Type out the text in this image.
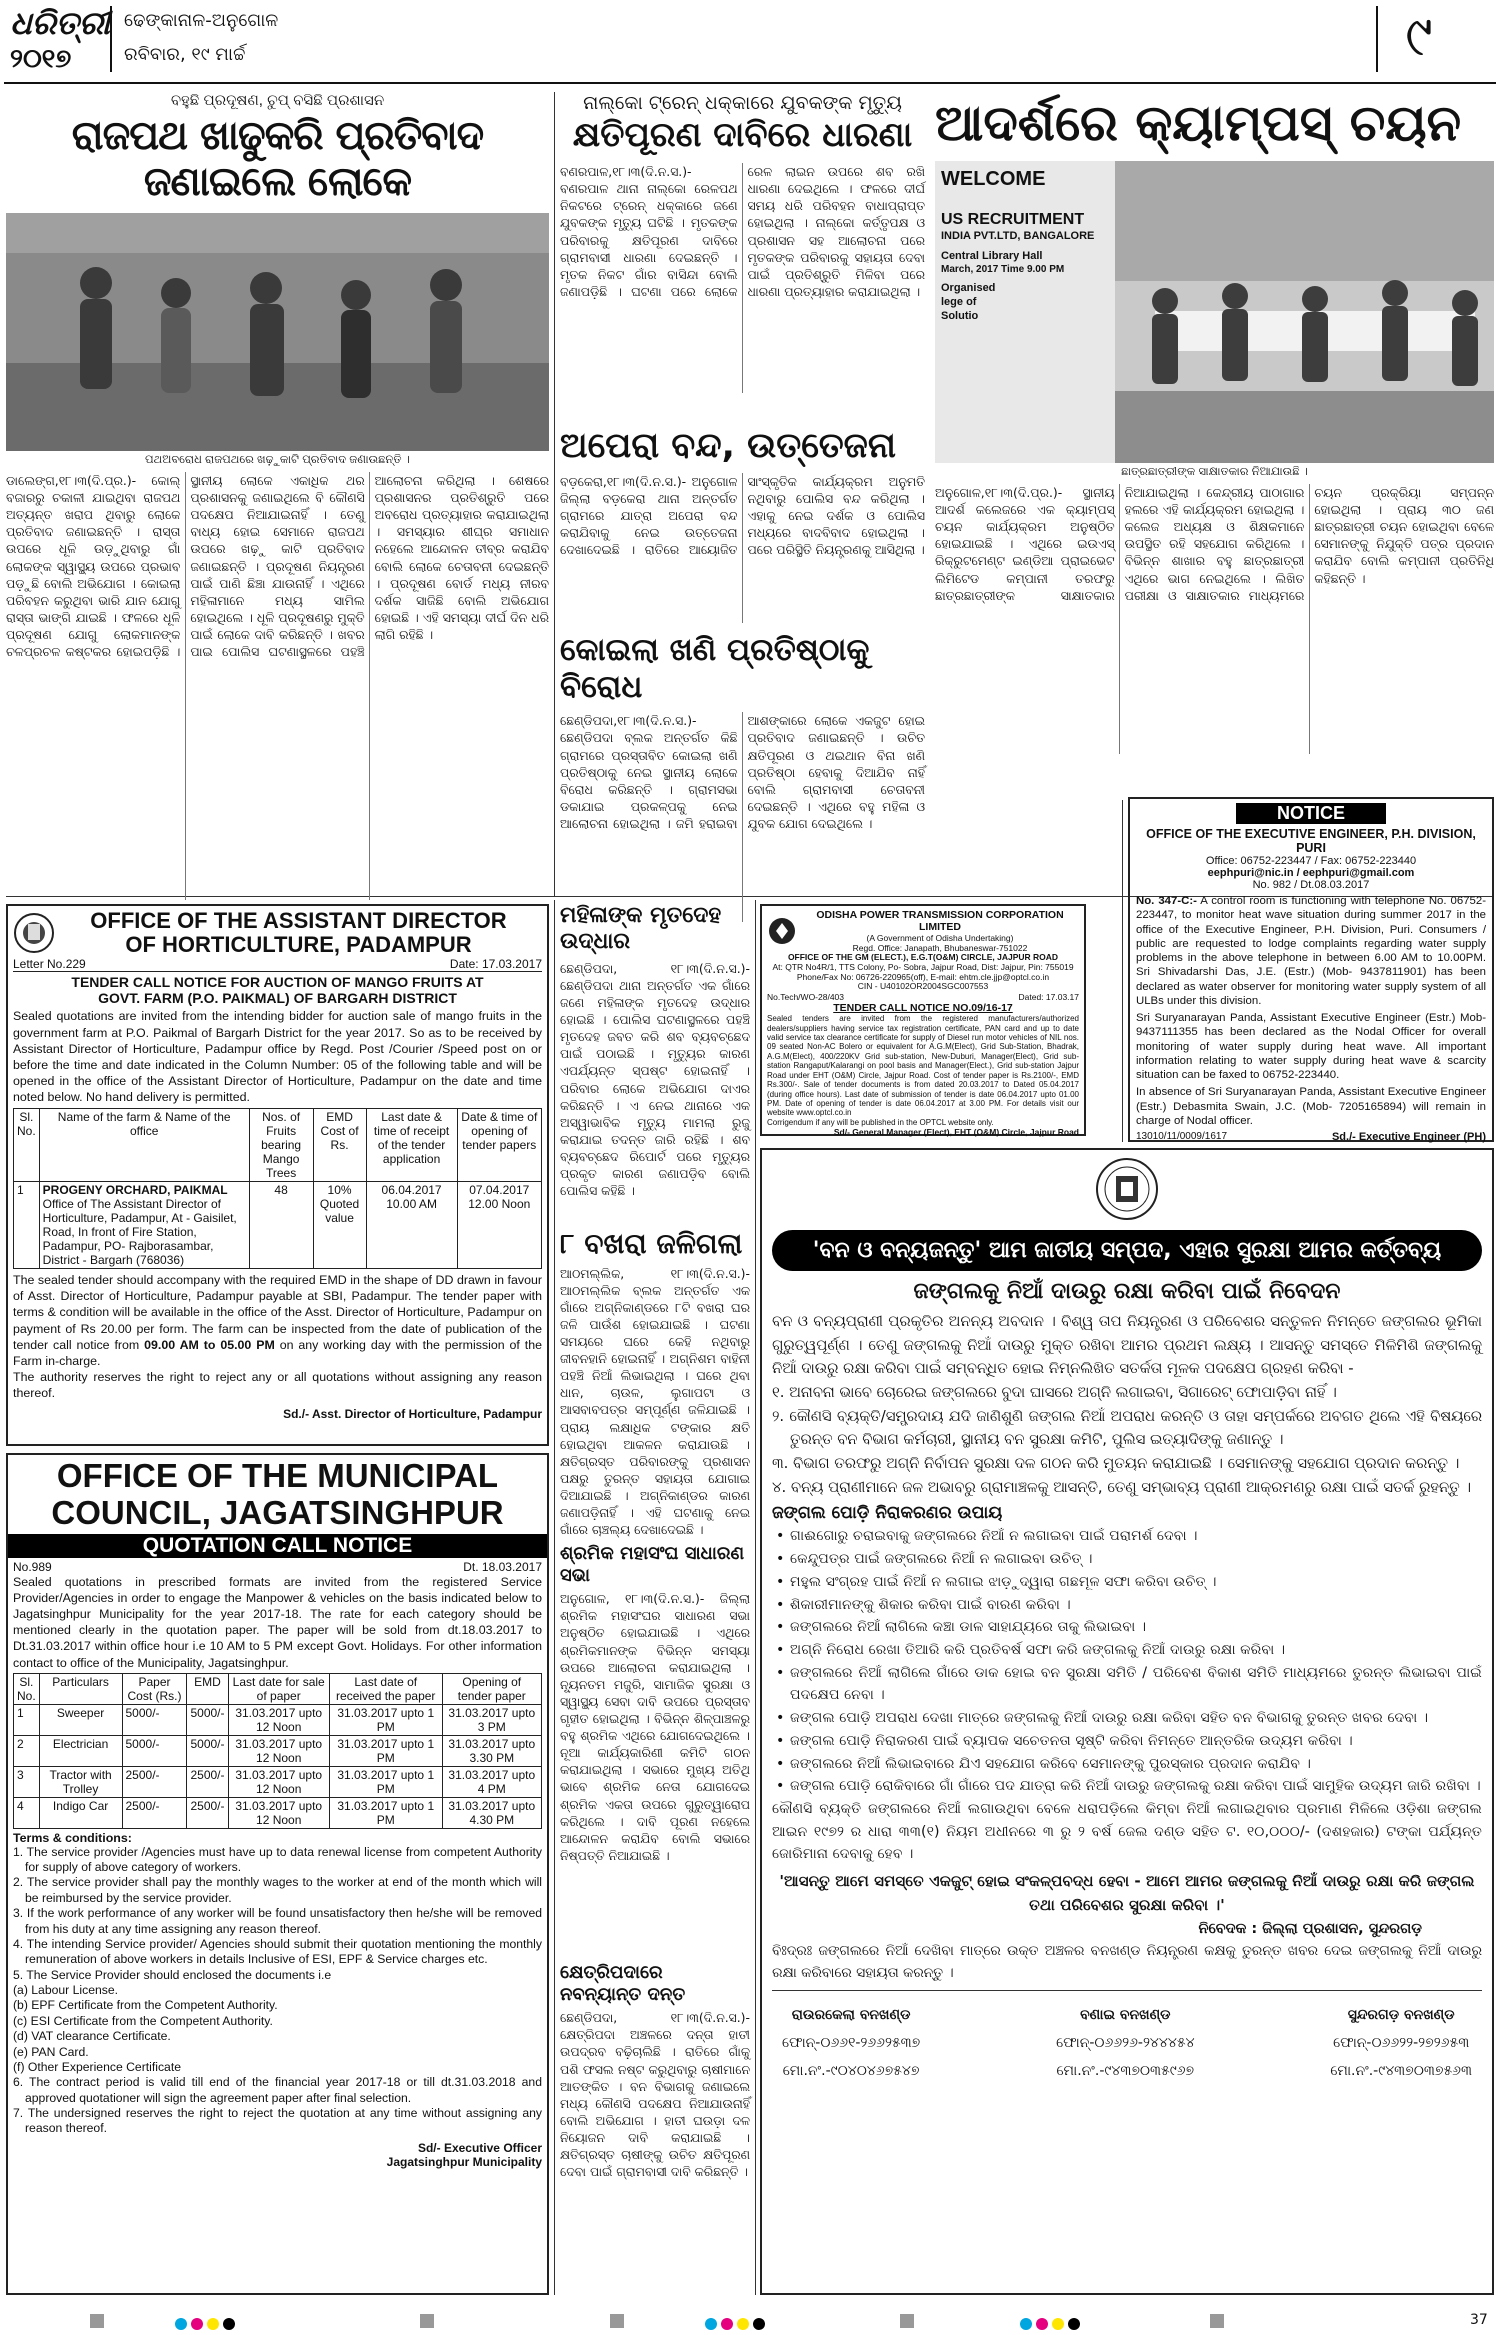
ଧରିତ୍ରୀ
୨୦୧୭
ଢେଙ୍କାନାଳ-ଅନୁଗୋଳ
ରବିବାର, ୧୯ ମାର୍ଚ୍ଚ	୯
ବହୁଛି ପ୍ରଦୂଷଣ, ଚୁପ୍ ବସିଛି ପ୍ରଶାସନ
ରାଜପଥ ଖାଢୁକରି ପ୍ରତିବାଦ ଜଣାଇଲେ ଲୋକେ
ପଥଅବରୋଧ ରାଜପଥରେ ଖଢ଼ୁକାଟି ପ୍ରତିବାଦ ଜଣାଉଛନ୍ତି ।
ଡାଲେଙ୍ଗ,୧୮।୩(ଦି.ପ୍ର.)- କୋଲ୍ ବଜାରରୁ ଚକାଳୀ ଯାଇଥିବା ରାଜପଥ ଅତ୍ୟନ୍ତ ଖରାପ ଥିବାରୁ ଲୋକେ ପ୍ରତିବାଦ ଜଣାଇଛନ୍ତି । ରାସ୍ତା ଉପରେ ଧୂଳି ଉଡ଼ୁଥିବାରୁ ଗାଁ ଲୋକଙ୍କ ସ୍ୱାସ୍ଥ୍ୟ ଉପରେ ପ୍ରଭାବ ପଡ଼ୁଛି ବୋଲି ଅଭିଯୋଗ । କୋଇଲା ପରିବହନ କରୁଥିବା ଭାରି ଯାନ ଯୋଗୁ ରାସ୍ତା ଭାଙ୍ଗି ଯାଇଛି । ଫଳରେ ଧୂଳି ପ୍ରଦୂଷଣ ଯୋଗୁ ଲୋକମାନଙ୍କ ଚଳପ୍ରଚଳ କଷ୍ଟକର ହୋଇପଡ଼ିଛି । ସ୍ଥାନୀୟ ଲୋକେ ଏକାଧିକ ଥର ପ୍ରଶାସନକୁ ଜଣାଇଥିଲେ ବି କୌଣସି ପଦକ୍ଷେପ ନିଆଯାଇନାହିଁ । ତେଣୁ ବାଧ୍ୟ ହୋଇ ସେମାନେ ରାଜପଥ ଉପରେ ଖଢ଼ୁ କାଟି ପ୍ରତିବାଦ ଜଣାଇଛନ୍ତି । ପ୍ରଦୂଷଣ ନିୟନ୍ତ୍ରଣ ପାଇଁ ପାଣି ଛିଞ୍ଚା ଯାଉନାହିଁ । ଏଥିରେ ମହିଳାମାନେ ମଧ୍ୟ ସାମିଲ ହୋଇଥିଲେ । ଧୂଳି ପ୍ରଦୂଷଣରୁ ମୁକ୍ତି ପାଇଁ ଲୋକେ ଦାବି କରିଛନ୍ତି । ଖବର ପାଇ ପୋଲିସ ଘଟଣାସ୍ଥଳରେ ପହଞ୍ଚି ଆଲୋଚନା କରିଥିଲା । ଶେଷରେ ପ୍ରଶାସନର ପ୍ରତିଶ୍ରୁତି ପରେ ଅବରୋଧ ପ୍ରତ୍ୟାହାର କରାଯାଇଥିଲା । ସମସ୍ୟାର ଶୀଘ୍ର ସମାଧାନ ନହେଲେ ଆନ୍ଦୋଳନ ତୀବ୍ର କରାଯିବ ବୋଲି ଲୋକେ ଚେତାବନୀ ଦେଇଛନ୍ତି । ପ୍ରଦୂଷଣ ବୋର୍ଡ ମଧ୍ୟ ନୀରବ ଦର୍ଶକ ସାଜିଛି ବୋଲି ଅଭିଯୋଗ ହୋଇଛି । ଏହି ସମସ୍ୟା ଦୀର୍ଘ ଦିନ ଧରି ଲାଗି ରହିଛି ।
ନାଲ୍‌କୋ ଟ୍ରେନ୍ ଧକ୍କାରେ ଯୁବକଙ୍କ ମୃତ୍ୟୁ
କ୍ଷତିପୂରଣ ଦାବିରେ ଧାରଣା
ବଣରପାଳ,୧୮।୩(ଦି.ନ.ସ.)- ବଣରପାଳ ଥାନା ନାଲ୍‌କୋ ରେଳପଥ ନିକଟରେ ଟ୍ରେନ୍ ଧକ୍କାରେ ଜଣେ ଯୁବକଙ୍କ ମୃତ୍ୟୁ ଘଟିଛି । ମୃତକଙ୍କ ପରିବାରକୁ କ୍ଷତିପୂରଣ ଦାବିରେ ଗ୍ରାମବାସୀ ଧାରଣା ଦେଇଛନ୍ତି । ମୃତକ ନିକଟ ଗାଁର ବାସିନ୍ଦା ବୋଲି ଜଣାପଡ଼ିଛି । ଘଟଣା ପରେ ଲୋକେ ରେଳ ଲାଇନ ଉପରେ ଶବ ରଖି ଧାରଣା ଦେଇଥିଲେ । ଫଳରେ ଦୀର୍ଘ ସମୟ ଧରି ପରିବହନ ବାଧାପ୍ରାପ୍ତ ହୋଇଥିଲା । ନାଲ୍‌କୋ କର୍ତ୍ତୃପକ୍ଷ ଓ ପ୍ରଶାସନ ସହ ଆଲୋଚନା ପରେ ମୃତକଙ୍କ ପରିବାରକୁ ସହାୟତା ଦେବା ପାଇଁ ପ୍ରତିଶ୍ରୁତି ମିଳିବା ପରେ ଧାରଣା ପ୍ରତ୍ୟାହାର କରାଯାଇଥିଲା ।
ଅପେରା ବନ୍ଦ, ଉତ୍ତେଜନା
ବଡ଼କେରା,୧୮।୩(ଦି.ନ.ସ.)- ଅନୁଗୋଳ ଜିଲ୍ଲା ବଡ଼କେରା ଥାନା ଅନ୍ତର୍ଗତ ଗ୍ରାମରେ ଯାତ୍ରା ଅପେରା ବନ୍ଦ କରାଯିବାକୁ ନେଇ ଉତ୍ତେଜନା ଦେଖାଦେଇଛି । ରାତିରେ ଆୟୋଜିତ ସାଂସ୍କୃତିକ କାର୍ଯ୍ୟକ୍ରମ ଅନୁମତି ନଥିବାରୁ ପୋଲିସ ବନ୍ଦ କରିଥିଲା । ଏହାକୁ ନେଇ ଦର୍ଶକ ଓ ପୋଲିସ ମଧ୍ୟରେ ବାଦବିବାଦ ହୋଇଥିଲା । ପରେ ପରିସ୍ଥିତି ନିୟନ୍ତ୍ରଣକୁ ଆସିଥିଲା ।
କୋଇଲା ଖଣି ପ୍ରତିଷ୍ଠାକୁ ବିରୋଧ
ଛେଣ୍ଡିପଦା,୧୮।୩(ଦି.ନ.ସ.)- ଛେଣ୍ଡିପଦା ବ୍ଲକ ଅନ୍ତର୍ଗତ କିଛି ଗ୍ରାମରେ ପ୍ରସ୍ତାବିତ କୋଇଲା ଖଣି ପ୍ରତିଷ୍ଠାକୁ ନେଇ ସ୍ଥାନୀୟ ଲୋକେ ବିରୋଧ କରିଛନ୍ତି । ଗ୍ରାମସଭା ଡକାଯାଇ ପ୍ରକଳ୍ପକୁ ନେଇ ଆଲୋଚନା ହୋଇଥିଲା । ଜମି ହରାଇବା ଆଶଙ୍କାରେ ଲୋକେ ଏକଜୁଟ ହୋଇ ପ୍ରତିବାଦ ଜଣାଇଛନ୍ତି । ଉଚିତ କ୍ଷତିପୂରଣ ଓ ଥଇଥାନ ବିନା ଖଣି ପ୍ରତିଷ୍ଠା ହେବାକୁ ଦିଆଯିବ ନାହିଁ ବୋଲି ଗ୍ରାମବାସୀ ଚେତାବନୀ ଦେଇଛନ୍ତି । ଏଥିରେ ବହୁ ମହିଳା ଓ ଯୁବକ ଯୋଗ ଦେଇଥିଲେ ।
ଆଦର୍ଶରେ କ୍ୟାମ୍ପସ୍ ଚୟନ
WELCOME
US RECRUITMENT
INDIA PVT.LTD, BANGALORE
Central Library Hall
March, 2017 Time 9.00 PM
Organised
lege of
Solutio
ଛାତ୍ରଛାତ୍ରୀଙ୍କ ସାକ୍ଷାତକାର ନିଆଯାଉଛି ।
ଅନୁଗୋଳ,୧୮।୩(ଦି.ପ୍ର.)- ସ୍ଥାନୀୟ ଆଦର୍ଶ କଲେଜରେ ଏକ କ୍ୟାମ୍ପସ୍ ଚୟନ କାର୍ଯ୍ୟକ୍ରମ ଅନୁଷ୍ଠିତ ହୋଇଯାଇଛି । ଏଥିରେ ଇଉଏସ୍ ରିକ୍ରୁଟମେଣ୍ଟ ଇଣ୍ଡିଆ ପ୍ରାଇଭେଟ ଲିମିଟେଡ କମ୍ପାନୀ ତରଫରୁ ଛାତ୍ରଛାତ୍ରୀଙ୍କ ସାକ୍ଷାତକାର ନିଆଯାଇଥିଲା । କେନ୍ଦ୍ରୀୟ ପାଠାଗାର ହଲରେ ଏହି କାର୍ଯ୍ୟକ୍ରମ ହୋଇଥିଲା । କଲେଜ ଅଧ୍ୟକ୍ଷ ଓ ଶିକ୍ଷକମାନେ ଉପସ୍ଥିତ ରହି ସହଯୋଗ କରିଥିଲେ । ବିଭିନ୍ନ ଶାଖାର ବହୁ ଛାତ୍ରଛାତ୍ରୀ ଏଥିରେ ଭାଗ ନେଇଥିଲେ । ଲିଖିତ ପରୀକ୍ଷା ଓ ସାକ୍ଷାତକାର ମାଧ୍ୟମରେ ଚୟନ ପ୍ରକ୍ରିୟା ସମ୍ପନ୍ନ ହୋଇଥିଲା । ପ୍ରାୟ ୩୦ ଜଣ ଛାତ୍ରଛାତ୍ରୀ ଚୟନ ହୋଇଥିବା ବେଳେ ସେମାନଙ୍କୁ ନିଯୁକ୍ତି ପତ୍ର ପ୍ରଦାନ କରାଯିବ ବୋଲି କମ୍ପାନୀ ପ୍ରତିନିଧି କହିଛନ୍ତି ।
NOTICE
OFFICE OF THE EXECUTIVE ENGINEER, P.H. DIVISION, PURI
Office: 06752-223447 / Fax: 06752-223440
eephpuri@nic.in / eephpuri@gmail.com
No. 982 / Dt.08.03.2017
No. 347-C:- A control room is functioning with telephone No. 06752-223447, to monitor heat wave situation during summer 2017 in the office of the Executive Engineer, P.H. Division, Puri. Consumers / public are requested to lodge complaints regarding water supply problems in the above telephone in between 6.00 AM to 10.00PM. Sri Shivadarshi Das, J.E. (Estr.) (Mob- 9437811901) has been declared as water observer for monitoring water supply system of all ULBs under this division.
Sri Suryanarayan Panda, Assistant Executive Engineer (Estr.) Mob- 9437111355 has been declared as the Nodal Officer for overall monitoring of water supply during heat wave. All important information relating to water supply during heat wave & scarcity situation can be faxed to 06752-223440.
In absence of Sri Suryanarayan Panda, Assistant Executive Engineer (Estr.) Debasmita Swain, J.C. (Mob- 7205165894) will remain in charge of Nodal officer.
13010/11/0009/1617	Sd./- Executive Engineer (PH)
OFFICE OF THE ASSISTANT DIRECTOR
OF HORTICULTURE, PADAMPUR
Letter No.229	Date: 17.03.2017
TENDER CALL NOTICE FOR AUCTION OF MANGO FRUITS AT
GOVT. FARM (P.O. PAIKMAL) OF BARGARH DISTRICT
Sealed quotations are invited from the intending bidder for auction sale of mango fruits in the government farm at P.O. Paikmal of Bargarh District for the year 2017. So as to be received by Assistant Director of Horticulture, Padampur office by Regd. Post /Courier /Speed post on or before the time and date indicated in the Column Number: 05 of the following table and will be opened in the office of the Assistant Director of Horticulture, Padampur on the date and time noted below. No hand delivery is permitted.
Sl. No.	Name of the farm & Name of the office	Nos. of Fruits bearing Mango Trees	EMD Cost of Rs.	Last date & time of receipt of the tender application	Date & time of opening of tender papers
1	PROGENY ORCHARD, PAIKMAL
Office of The Assistant Director of Horticulture, Padampur, At - Gaisilet, Road, In front of Fire Station, Padampur, PO- Rajborasambar, District - Bargarh (768036)	48	10% Quoted value	06.04.2017 10.00 AM	07.04.2017 12.00 Noon
The sealed tender should accompany with the required EMD in the shape of DD drawn in favour of Asst. Director of Horticulture, Padampur payable at SBI, Padampur. The tender paper with terms & condition will be available in the office of the Asst. Director of Horticulture, Padampur on payment of Rs 20.00 per form. The farm can be inspected from the date of publication of the tender call notice from 09.00 AM to 05.00 PM on any working day with the permission of the Farm in-charge.
The authority reserves the right to reject any or all quotations without assigning any reason thereof.
Sd./- Asst. Director of Horticulture, Padampur
OFFICE OF THE MUNICIPAL
COUNCIL, JAGATSINGHPUR
QUOTATION CALL NOTICE
No.989	Dt. 18.03.2017
Sealed quotations in prescribed formats are invited from the registered Service Provider/Agencies in order to engage the Manpower & vehicles on the basis indicated below to Jagatsinghpur Municipality for the year 2017-18. The rate for each category should be mentioned clearly in the quotation paper. The paper will be sold from dt.18.03.2017 to Dt.31.03.2017 within office hour i.e 10 AM to 5 PM except Govt. Holidays. For other information contact to office of the Municipality, Jagatsinghpur.
Sl. No.	Particulars	Paper Cost (Rs.)	EMD	Last date for sale of paper	Last date of received the paper	Opening of tender paper
1	Sweeper	5000/-	5000/-	31.03.2017 upto 12 Noon	31.03.2017 upto 1 PM	31.03.2017 upto 3 PM
2	Electrician	5000/-	5000/-	31.03.2017 upto 12 Noon	31.03.2017 upto 1 PM	31.03.2017 upto 3.30 PM
3	Tractor with Trolley	2500/-	2500/-	31.03.2017 upto 12 Noon	31.03.2017 upto 1 PM	31.03.2017 upto 4 PM
4	Indigo Car	2500/-	2500/-	31.03.2017 upto 12 Noon	31.03.2017 upto 1 PM	31.03.2017 upto 4.30 PM
Terms & conditions:
1. The service provider /Agencies must have up to data renewal license from competent Authority for supply of above category of workers.
2. The service provider shall pay the monthly wages to the worker at end of the month which will be reimbursed by the service provider.
3. If the work performance of any worker will be found unsatisfactory then he/she will be removed from his duty at any time assigning any reason thereof.
4. The intending Service provider/ Agencies should submit their quotation mentioning the monthly remuneration of above workers in details Inclusive of ESI, EPF & Service charges etc.
5. The Service Provider should enclosed the documents i.e
(a) Labour License.
(b) EPF Certificate from the Competent Authority.
(c) ESI Certificate from the Competent Authority.
(d) VAT clearance Certificate.
(e) PAN Card.
(f) Other Experience Certificate
6. The contract period is valid till end of the financial year 2017-18 or till dt.31.03.2018 and approved quotationer will sign the agreement paper after final selection.
7. The undersigned reserves the right to reject the quotation at any time without assigning any reason thereof.
Sd/- Executive Officer
Jagatsinghpur Municipality
ମହିଳାଙ୍କ ମୃତଦେହ ଉଦ୍ଧାର
ଛେଣ୍ଡିପଦା, ୧୮।୩(ଦି.ନ.ସ.)- ଛେଣ୍ଡିପଦା ଥାନା ଅନ୍ତର୍ଗତ ଏକ ଗାଁରେ ଜଣେ ମହିଳାଙ୍କ ମୃତଦେହ ଉଦ୍ଧାର ହୋଇଛି । ପୋଲିସ ଘଟଣାସ୍ଥଳରେ ପହଞ୍ଚି ମୃତଦେହ ଜବତ କରି ଶବ ବ୍ୟବଚ୍ଛେଦ ପାଇଁ ପଠାଇଛି । ମୃତ୍ୟୁର କାରଣ ଏପର୍ଯ୍ୟନ୍ତ ସ୍ପଷ୍ଟ ହୋଇନାହିଁ । ପରିବାର ଲୋକେ ଅଭିଯୋଗ ଦାଏର କରିଛନ୍ତି । ଏ ନେଇ ଥାନାରେ ଏକ ଅସ୍ୱାଭାବିକ ମୃତ୍ୟୁ ମାମଲା ରୁଜୁ କରାଯାଇ ତଦନ୍ତ ଜାରି ରହିଛି । ଶବ ବ୍ୟବଚ୍ଛେଦ ରିପୋର୍ଟ ପରେ ମୃତ୍ୟୁର ପ୍ରକୃତ କାରଣ ଜଣାପଡ଼ିବ ବୋଲି ପୋଲିସ କହିଛି ।
୮ ବଖରା ଜଳିଗଲା
ଆଠମଲ୍ଲିକ, ୧୮।୩(ଦି.ନ.ସ.)- ଆଠମଲ୍ଲିକ ବ୍ଲକ ଅନ୍ତର୍ଗତ ଏକ ଗାଁରେ ଅଗ୍ନିକାଣ୍ଡରେ ୮ଟି ବଖରା ଘର ଜଳି ପାଉଁଶ ହୋଇଯାଇଛି । ଘଟଣା ସମୟରେ ଘରେ କେହି ନଥିବାରୁ ଜୀବନହାନି ହୋଇନାହିଁ । ଅଗ୍ନିଶମ ବାହିନୀ ପହଞ୍ଚି ନିଆଁ ଲିଭାଇଥିଲା । ଘରେ ଥିବା ଧାନ, ଚାଉଳ, ଲୁଗାପଟା ଓ ଆସବାବପତ୍ର ସମ୍ପୂର୍ଣ୍ଣ ଜଳିଯାଇଛି । ପ୍ରାୟ ଲକ୍ଷାଧିକ ଟଙ୍କାର କ୍ଷତି ହୋଇଥିବା ଆକଳନ କରାଯାଉଛି । କ୍ଷତିଗ୍ରସ୍ତ ପରିବାରଙ୍କୁ ପ୍ରଶାସନ ପକ୍ଷରୁ ତୁରନ୍ତ ସହାୟତା ଯୋଗାଇ ଦିଆଯାଇଛି । ଅଗ୍ନିକାଣ୍ଡର କାରଣ ଜଣାପଡ଼ିନାହିଁ । ଏହି ଘଟଣାକୁ ନେଇ ଗାଁରେ ଚାଞ୍ଚଲ୍ୟ ଦେଖାଦେଇଛି ।
ଶ୍ରମିକ ମହାସଂଘ ସାଧାରଣ ସଭା
ଅନୁଗୋଳ, ୧୮।୩(ଦି.ନ.ସ.)- ଜିଲ୍ଲା ଶ୍ରମିକ ମହାସଂଘର ସାଧାରଣ ସଭା ଅନୁଷ୍ଠିତ ହୋଇଯାଇଛି । ଏଥିରେ ଶ୍ରମିକମାନଙ୍କ ବିଭିନ୍ନ ସମସ୍ୟା ଉପରେ ଆଲୋଚନା କରାଯାଇଥିଲା । ନ୍ୟୂନତମ ମଜୁରି, ସାମାଜିକ ସୁରକ୍ଷା ଓ ସ୍ୱାସ୍ଥ୍ୟ ସେବା ଦାବି ଉପରେ ପ୍ରସ୍ତାବ ଗୃହୀତ ହୋଇଥିଲା । ବିଭିନ୍ନ ଶିଳ୍ପାଞ୍ଚଳରୁ ବହୁ ଶ୍ରମିକ ଏଥିରେ ଯୋଗଦେଇଥିଲେ । ନୂଆ କାର୍ଯ୍ୟକାରିଣୀ କମିଟି ଗଠନ କରାଯାଇଥିଲା । ସଭାରେ ମୁଖ୍ୟ ଅତିଥି ଭାବେ ଶ୍ରମିକ ନେତା ଯୋଗଦେଇ ଶ୍ରମିକ ଏକତା ଉପରେ ଗୁରୁତ୍ୱାରୋପ କରିଥିଲେ । ଦାବି ପୂରଣ ନହେଲେ ଆନ୍ଦୋଳନ କରାଯିବ ବୋଲି ସଭାରେ ନିଷ୍ପତ୍ତି ନିଆଯାଇଛି ।
କ୍ଷେତ୍ରିପଦାରେ ନବନ୍ୟାନ୍ତ ଦନ୍ତ
ଛେଣ୍ଡିପଦା, ୧୮।୩(ଦି.ନ.ସ.)- କ୍ଷେତ୍ରିପଦା ଅଞ୍ଚଳରେ ଦନ୍ତା ହାତୀ ଉପଦ୍ରବ ବଢ଼ିଚାଲିଛି । ରାତିରେ ଗାଁକୁ ପଶି ଫସଲ ନଷ୍ଟ କରୁଥିବାରୁ ଚାଷୀମାନେ ଆତଙ୍କିତ । ବନ ବିଭାଗକୁ ଜଣାଇଲେ ମଧ୍ୟ କୌଣସି ପଦକ୍ଷେପ ନିଆଯାଉନାହିଁ ବୋଲି ଅଭିଯୋଗ । ହାତୀ ଘଉଡ଼ା ଦଳ ନିୟୋଜନ ଦାବି କରାଯାଇଛି । କ୍ଷତିଗ୍ରସ୍ତ ଚାଷୀଙ୍କୁ ଉଚିତ କ୍ଷତିପୂରଣ ଦେବା ପାଇଁ ଗ୍ରାମବାସୀ ଦାବି କରିଛନ୍ତି ।
ODISHA POWER TRANSMISSION CORPORATION LIMITED
(A Government of Odisha Undertaking)
Regd. Office: Janapath, Bhubaneswar-751022
OFFICE OF THE GM (ELECT.), E.G.T(O&M) CIRCLE, JAJPUR ROAD
At: QTR No4R/1, TTS Colony, Po- Sobra, Jajpur Road, Dist: Jajpur, Pin: 755019
Phone/Fax No: 06726-220965(off), E-mail: ehtm.cle.jjp@optcl.co.in
CIN - U40102OR2004SGC007553
No.Tech/WO-28/403	Dated: 17.03.17
TENDER CALL NOTICE NO.09/16-17
Sealed tenders are invited from the registered manufacturers/authorized dealers/suppliers having service tax registration certificate, PAN card and up to date valid service tax clearance certificate for supply of Diesel run motor vehicles of NIL nos. 09 seated Non-AC Bolero or equivalent for A.G.M(Elect), Grid Sub-Station, Bhadrak, A.G.M(Elect), 400/220KV Grid sub-station, New-Duburi, Manager(Elect), Grid sub-station Rangaput/Kalarangi on pool basis and Manager(Elect.), Grid sub-station Jajpur Road under EHT (O&M) Circle, Jajpur Road. Cost of tender paper is Rs.2100/-, EMD Rs.300/-. Sale of tender documents is from dated 20.03.2017 to Dated 05.04.2017 (during office hours). Last date of submission of tender is date 06.04.2017 upto 01.00 PM. Date of opening of tender is date 06.04.2017 at 3.00 PM. For details visit our website www.optcl.co.in
Corrigendum if any will be published in the OPTCL website only.
Sd/- General Manager (Elect), EHT (O&M) Circle, Jajpur Road
'ବନ ଓ ବନ୍ୟଜନ୍ତୁ' ଆମ ଜାତୀୟ ସମ୍ପଦ, ଏହାର ସୁରକ୍ଷା ଆମର କର୍ତ୍ତବ୍ୟ
ଜଙ୍ଗଲକୁ ନିଆଁ ଦାଉରୁ ରକ୍ଷା କରିବା ପାଇଁ ନିବେଦନ
ବନ ଓ ବନ୍ୟପ୍ରାଣୀ ପ୍ରକୃତିର ଅନନ୍ୟ ଅବଦାନ । ବିଶ୍ୱ ତାପ ନିୟନ୍ତ୍ରଣ ଓ ପରିବେଶର ସନ୍ତୁଳନ ନିମନ୍ତେ ଜଙ୍ଗଲର ଭୂମିକା ଗୁରୁତ୍ୱପୂର୍ଣ୍ଣ । ତେଣୁ ଜଙ୍ଗଲକୁ ନିଆଁ ଦାଉରୁ ମୁକ୍ତ ରଖିବା ଆମର ପ୍ରଥମ ଲକ୍ଷ୍ୟ । ଆସନ୍ତୁ ସମସ୍ତେ ମିଳିମିଶି ଜଙ୍ଗଲକୁ ନିଆଁ ଦାଉରୁ ରକ୍ଷା କରିବା ପାଇଁ ସମ୍ବନ୍ଧିତ ହୋଇ ନିମ୍ନଲିଖିତ ସତର୍କତା ମୂଳକ ପଦକ୍ଷେପ ଗ୍ରହଣ କରିବା -
୧. ଅନାବନା ଭାବେ ଚୋରେଇ ଜଙ୍ଗଲରେ ବୁଦା ଘାସରେ ଅଗ୍ନି ଲଗାଇବା, ସିଗାରେଟ୍ ଫୋପାଡ଼ିବା ନାହିଁ ।
୨. କୌଣସି ବ୍ୟକ୍ତି/ସମ୍ପ୍ରଦାୟ ଯଦି ଜାଣିଶୁଣି ଜଙ୍ଗଲ ନିଆଁ ଅପରାଧ କରନ୍ତି ଓ ତାହା ସମ୍ପର୍କରେ ଅବଗତ ଥିଲେ ଏହି ବିଷୟରେ ତୁରନ୍ତ ବନ ବିଭାଗ କର୍ମଚାରୀ, ସ୍ଥାନୀୟ ବନ ସୁରକ୍ଷା କମିଟି, ପୁଲିସ ଇତ୍ୟାଦିଙ୍କୁ ଜଣାନ୍ତୁ ।
୩. ବିଭାଗ ତରଫରୁ ଅଗ୍ନି ନିର୍ବାପନ ସୁରକ୍ଷା ଦଳ ଗଠନ କରି ମୁତୟନ କରାଯାଇଛି । ସେମାନଙ୍କୁ ସହଯୋଗ ପ୍ରଦାନ କରନ୍ତୁ ।
୪. ବନ୍ୟ ପ୍ରାଣୀମାନେ ଜଳ ଅଭାବରୁ ଗ୍ରାମାଞ୍ଚଳକୁ ଆସନ୍ତି, ତେଣୁ ସମ୍ଭାବ୍ୟ ପ୍ରାଣୀ ଆକ୍ରମଣରୁ ରକ୍ଷା ପାଇଁ ସତର୍କ ରୁହନ୍ତୁ ।
ଜଙ୍ଗଲ ପୋଡ଼ି ନିରାକରଣର ଉପାୟ
• ଗାଈଗୋରୁ ଚରାଇବାକୁ ଜଙ୍ଗଲରେ ନିଆଁ ନ ଲଗାଇବା ପାଇଁ ପରାମର୍ଶ ଦେବା ।
• କେନ୍ଦୁପତ୍ର ପାଇଁ ଜଙ୍ଗଲରେ ନିଆଁ ନ ଲଗାଇବା ଉଚିତ୍ ।
• ମହୁଲ ସଂଗ୍ରହ ପାଇଁ ନିଆଁ ନ ଲଗାଇ ଝାଡ଼ୁଦ୍ୱାରା ଗଛମୂଳ ସଫା କରିବା ଉଚିତ୍ ।
• ଶିକାରୀମାନଙ୍କୁ ଶିକାର କରିବା ପାଇଁ ବାରଣ କରିବା ।
• ଜଙ୍ଗଲରେ ନିଆଁ ଲାଗିଲେ କଞ୍ଚା ଡାଳ ସାହାଯ୍ୟରେ ତାକୁ ଲିଭାଇବା ।
• ଅଗ୍ନି ନିରୋଧ ରେଖା ତିଆରି କରି ପ୍ରତିବର୍ଷ ସଫା କରି ଜଙ୍ଗଲକୁ ନିଆଁ ଦାଉରୁ ରକ୍ଷା କରିବା ।
• ଜଙ୍ଗଲରେ ନିଆଁ ଲାଗିଲେ ଗାଁରେ ଡାକ ହୋଇ ବନ ସୁରକ୍ଷା ସମିତି / ପରିବେଶ ବିକାଶ ସମିତି ମାଧ୍ୟମରେ ତୁରନ୍ତ ଲିଭାଇବା ପାଇଁ ପଦକ୍ଷେପ ନେବା ।
• ଜଙ୍ଗଲ ପୋଡ଼ି ଅପରାଧ ଦେଖା ମାତ୍ରେ ଜଙ୍ଗଲକୁ ନିଆଁ ଦାଉରୁ ରକ୍ଷା କରିବା ସହିତ ବନ ବିଭାଗକୁ ତୁରନ୍ତ ଖବର ଦେବା ।
• ଜଙ୍ଗଲ ପୋଡ଼ି ନିରାକରଣ ପାଇଁ ବ୍ୟାପକ ସଚେତନତା ସୃଷ୍ଟି କରିବା ନିମନ୍ତେ ଆନ୍ତରିକ ଉଦ୍ୟମ କରିବା ।
• ଜଙ୍ଗଲରେ ନିଆଁ ଲିଭାଇବାରେ ଯିଏ ସହଯୋଗ କରିବେ ସେମାନଙ୍କୁ ପୁରସ୍କାର ପ୍ରଦାନ କରାଯିବ ।
• ଜଙ୍ଗଲ ପୋଡ଼ି ରୋକିବାରେ ଗାଁ ଗାଁରେ ପଦ ଯାତ୍ରା କରି ନିଆଁ ଦାଉରୁ ଜଙ୍ଗଲକୁ ରକ୍ଷା କରିବା ପାଇଁ ସାମୁହିକ ଉଦ୍ୟମ ଜାରି ରଖିବା ।
କୌଣସି ବ୍ୟକ୍ତି ଜଙ୍ଗଲରେ ନିଆଁ ଲଗାଉଥିବା ବେଳେ ଧରାପଡ଼ିଲେ କିମ୍ବା ନିଆଁ ଲଗାଇଥିବାର ପ୍ରମାଣ ମିଳିଲେ ଓଡ଼ିଶା ଜଙ୍ଗଲ ଆଇନ ୧୯୭୨ ର ଧାରା ୩୩(୧) ନିୟମ ଅଧୀନରେ ୩ ରୁ ୨ ବର୍ଷ ଜେଲ ଦଣ୍ଡ ସହିତ ଟ. ୧୦,୦୦୦/- (ଦଶହଜାର) ଟଙ୍କା ପର୍ଯ୍ୟନ୍ତ ଜୋରିମାନା ଦେବାକୁ ହେବ ।
'ଆସନ୍ତୁ ଆମେ ସମସ୍ତେ ଏକଜୁଟ୍ ହୋଇ ସଂକଳ୍ପବଦ୍ଧ ହେବା - ଆମେ ଆମର ଜଙ୍ଗଲକୁ ନିଆଁ ଦାଉରୁ ରକ୍ଷା କରି ଜଙ୍ଗଲ ତଥା ପରିବେଶର ସୁରକ୍ଷା କରିବା ।'
ନିବେଦକ : ଜିଲ୍ଲା ପ୍ରଶାସନ, ସୁନ୍ଦରଗଡ଼
ବିଃଦ୍ରଃ ଜଙ୍ଗଲରେ ନିଆଁ ଦେଖିବା ମାତ୍ରେ ଉକ୍ତ ଅଞ୍ଚଳର ବନଖଣ୍ଡ ନିୟନ୍ତ୍ରଣ କକ୍ଷକୁ ତୁରନ୍ତ ଖବର ଦେଇ ଜଙ୍ଗଲକୁ ନିଆଁ ଦାଉରୁ ରକ୍ଷା କରିବାରେ ସହାୟତା କରନ୍ତୁ ।
ରାଉରକେଲା ବନଖଣ୍ଡ
ଫୋନ୍-୦୬୬୧-୨୬୬୨୫୩୭
ମୋ.ନଂ.-୯୦୪୦୪୬୭୫୪୭
ବଣାଇ ବନଖଣ୍ଡ
ଫୋନ୍-୦୬୬୨୬-୨୪୪୪୫୪
ମୋ.ନଂ.-୯୪୩୭୦୩୫୯୬୭
ସୁନ୍ଦରଗଡ଼ ବନଖଣ୍ଡ
ଫୋନ୍-୦୬୬୨୨-୨୭୨୬୫୩
ମୋ.ନଂ.-୯୪୩୭୦୩୭୫୬୩
37
